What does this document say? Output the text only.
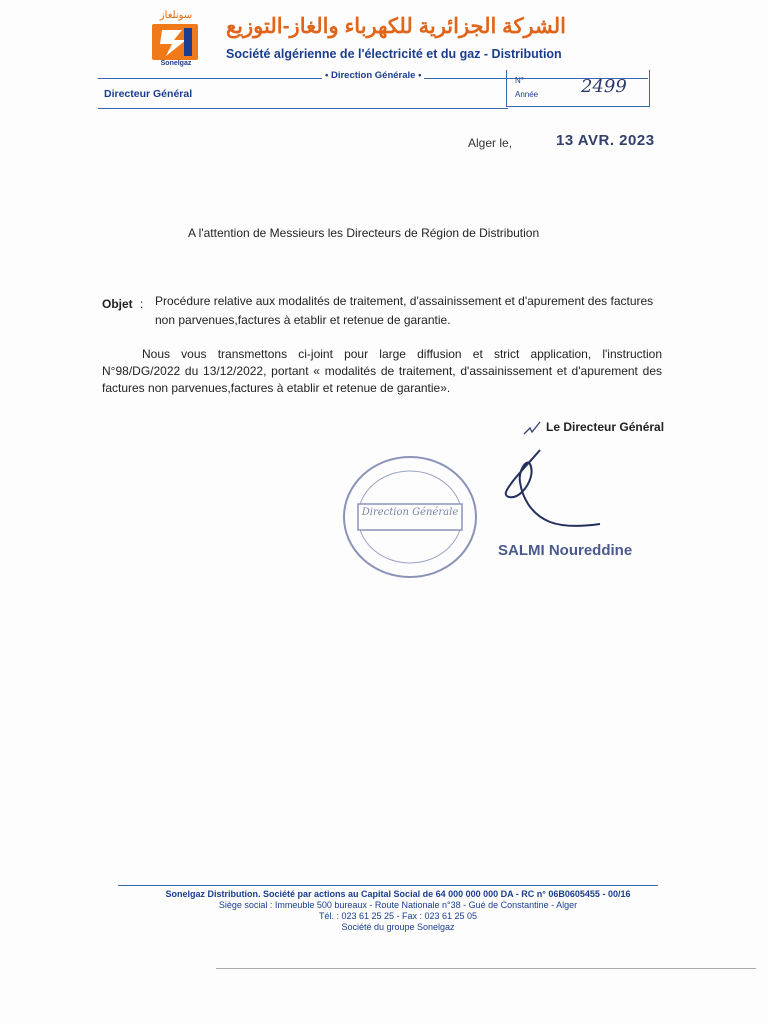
سونلغاز
Sonelgaz
الشركة الجزائرية للكهرباء والغاز-التوزيع
Société algérienne de l'électricité et du gaz - Distribution
• Direction Générale •
Directeur Général
N°
Année 2499
Alger le,	13 AVR. 2023
A l'attention de Messieurs les Directeurs de Région de Distribution
Objet : Procédure relative aux modalités de traitement, d'assainissement et d'apurement des factures non parvenues,factures à etablir et retenue de garantie.
Nous vous transmettons ci-joint pour large diffusion et strict application, l'instruction N°98/DG/2022 du 13/12/2022, portant « modalités de traitement, d'assainissement et d'apurement des factures non parvenues,factures à etablir et retenue de garantie».
Le Directeur Général
Direction Générale
SALMI Noureddine
Sonelgaz Distribution. Société par actions au Capital Social de 64 000 000 000 DA - RC n° 06B0605455 - 00/16
Siège social : Immeuble 500 bureaux - Route Nationale n°38 - Gué de Constantine - Alger
Tél. : 023 61 25 25 - Fax : 023 61 25 05
Société du groupe Sonelgaz
